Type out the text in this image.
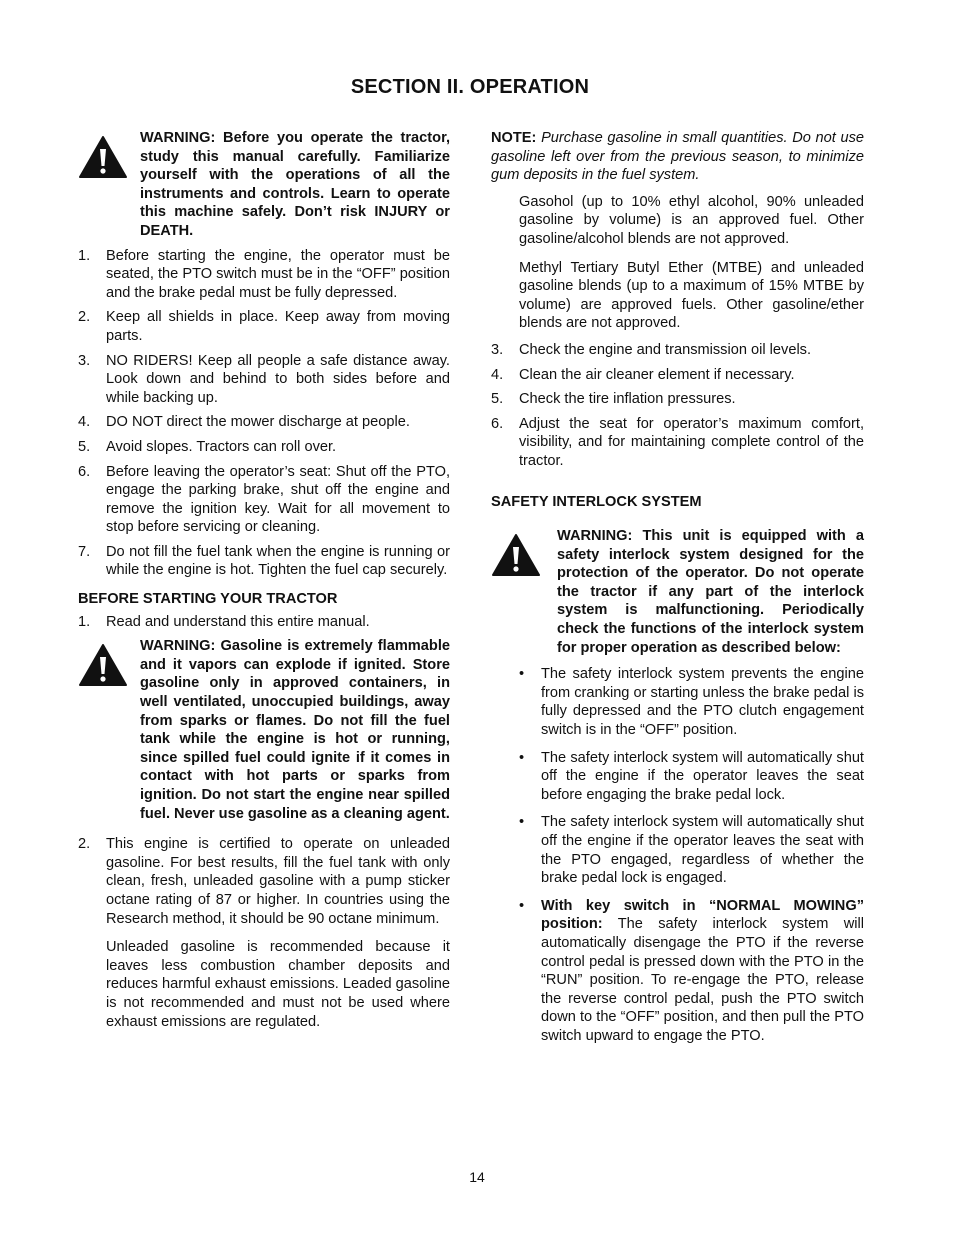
SECTION II. OPERATION
WARNING: Before you operate the tractor, study this manual carefully. Familiarize yourself with the operations of all the instruments and controls. Learn to operate this machine safely. Don’t risk INJURY or DEATH.
1.	Before starting the engine, the operator must be seated, the PTO switch must be in the “OFF” position and the brake pedal must be fully depressed.
2.	Keep all shields in place. Keep away from moving parts.
3.	NO RIDERS! Keep all people a safe distance away. Look down and behind to both sides before and while backing up.
4.	DO NOT direct the mower discharge at people.
5.	Avoid slopes. Tractors can roll over.
6.	Before leaving the operator’s seat: Shut off the PTO, engage the parking brake, shut off the engine and remove the ignition key. Wait for all movement to stop before servicing or cleaning.
7.	Do not fill the fuel tank when the engine is running or while the engine is hot. Tighten the fuel cap securely.
BEFORE STARTING YOUR TRACTOR
1.	Read and understand this entire manual.
WARNING: Gasoline is extremely flammable and it vapors can explode if ignited. Store gasoline only in approved containers, in well ventilated, unoccupied buildings, away from sparks or flames. Do not fill the fuel tank while the engine is hot or running, since spilled fuel could ignite if it comes in contact with hot parts or sparks from ignition. Do not start the engine near spilled fuel. Never use gasoline as a cleaning agent.
2.	This engine is certified to operate on unleaded gasoline. For best results, fill the fuel tank with only clean, fresh, unleaded gasoline with a pump sticker octane rating of 87 or higher. In countries using the Research method, it should be 90 octane minimum.

Unleaded gasoline is recommended because it leaves less combustion chamber deposits and reduces harmful exhaust emissions. Leaded gasoline is not recommended and must not be used where exhaust emissions are regulated.

NOTE: Purchase gasoline in small quantities. Do not use gasoline left over from the previous season, to minimize gum deposits in the fuel system.

Gasohol (up to 10% ethyl alcohol, 90% unleaded gasoline by volume) is an approved fuel. Other gasoline/alcohol blends are not approved.

Methyl Tertiary Butyl Ether (MTBE) and unleaded gasoline blends (up to a maximum of 15% MTBE by volume) are approved fuels. Other gasoline/ether blends are not approved.

3.	Check the engine and transmission oil levels.
4.	Clean the air cleaner element if necessary.
5.	Check the tire inflation pressures.
6.	Adjust the seat for operator’s maximum comfort, visibility, and for maintaining complete control of the tractor.
SAFETY INTERLOCK SYSTEM
WARNING: This unit is equipped with a safety interlock system designed for the protection of the operator. Do not operate the tractor if any part of the interlock system is malfunctioning. Periodically check the functions of the interlock system for proper operation as described below:
•	The safety interlock system prevents the engine from cranking or starting unless the brake pedal is fully depressed and the PTO clutch engagement switch is in the “OFF” position.
•	The safety interlock system will automatically shut off the engine if the operator leaves the seat before engaging the brake pedal lock.
•	The safety interlock system will automatically shut off the engine if the operator leaves the seat with the PTO engaged, regardless of whether the brake pedal lock is engaged.
•	With key switch in “NORMAL MOWING” position: The safety interlock system will automatically disengage the PTO if the reverse control pedal is pressed down with the PTO in the “RUN” position. To re-engage the PTO, release the reverse control pedal, push the PTO switch down to the “OFF” position, and then pull the PTO switch upward to engage the PTO.
14
